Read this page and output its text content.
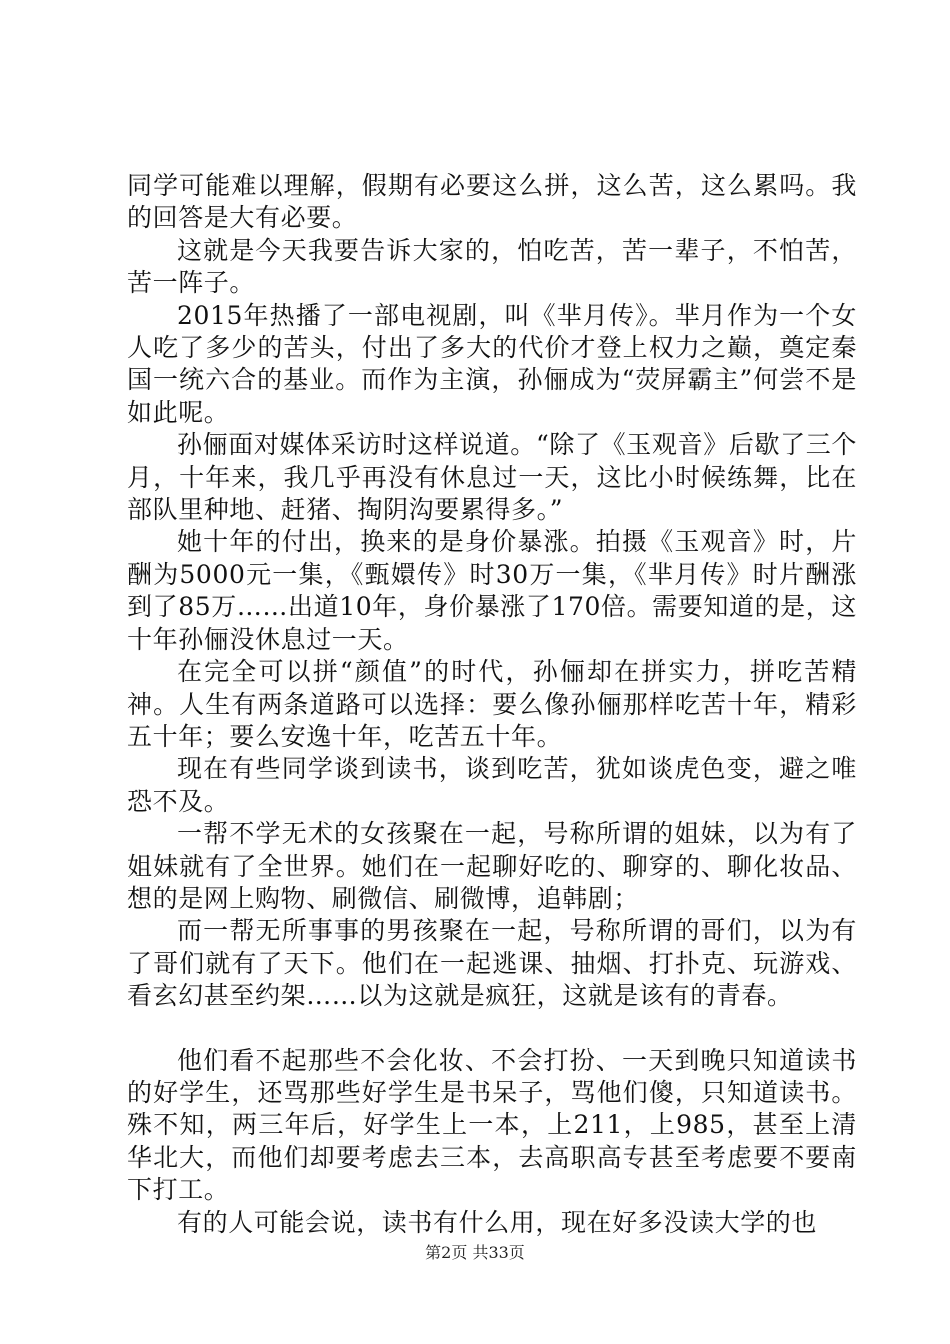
同学可能难以理解，假期有必要这么拼，这么苦，这么累吗。我的回答是大有必要。

这就是今天我要告诉大家的，怕吃苦，苦一辈子，不怕苦，苦一阵子。

2015年热播了一部电视剧，叫《芈月传》。芈月作为一个女人吃了多少的苦头，付出了多大的代价才登上权力之巅，奠定秦国一统六合的基业。而作为主演，孙俪成为“荧屏霸主”何尝不是如此呢。

孙俪面对媒体采访时这样说道。“除了《玉观音》后歇了三个月，十年来，我几乎再没有休息过一天，这比小时候练舞，比在部队里种地、赶猪、掏阴沟要累得多。”

她十年的付出，换来的是身价暴涨。拍摄《玉观音》时，片酬为5000元一集，《甄嬛传》时30万一集，《芈月传》时片酬涨到了85万……出道10年，身价暴涨了170倍。需要知道的是，这十年孙俪没休息过一天。

在完全可以拼“颜值”的时代，孙俪却在拼实力，拼吃苦精神。人生有两条道路可以选择：要么像孙俪那样吃苦十年，精彩五十年；要么安逸十年，吃苦五十年。

现在有些同学谈到读书，谈到吃苦，犹如谈虎色变，避之唯恐不及。

一帮不学无术的女孩聚在一起，号称所谓的姐妹，以为有了姐妹就有了全世界。她们在一起聊好吃的、聊穿的、聊化妆品、想的是网上购物、刷微信、刷微博，追韩剧；

而一帮无所事事的男孩聚在一起，号称所谓的哥们，以为有了哥们就有了天下。他们在一起逃课、抽烟、打扑克、玩游戏、看玄幻甚至约架……以为这就是疯狂，这就是该有的青春。

他们看不起那些不会化妆、不会打扮、一天到晚只知道读书的好学生，还骂那些好学生是书呆子，骂他们傻，只知道读书。殊不知，两三年后，好学生上一本，上211，上985，甚至上清华北大，而他们却要考虑去三本，去高职高专甚至考虑要不要南下打工。

有的人可能会说，读书有什么用，现在好多没读大学的也

第2页 共33页
